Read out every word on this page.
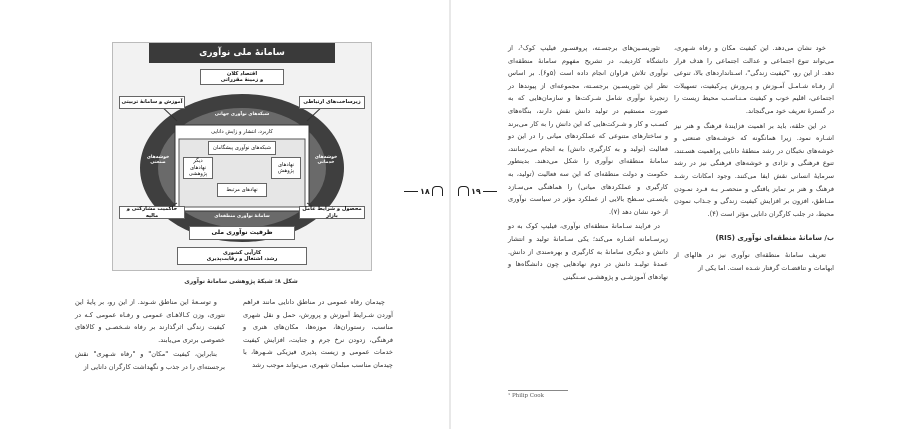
سامانهٔ ملی نوآوری
اقتصاد کلان
و زمینهٔ مقرراتی
آموزش و سامانهٔ تربیتی	زیرساخت‌های ارتباطی
حاکمیت مشارکتی و مالیه
محصول و شرایط عامل بازار
ظرفیت نوآوری ملی
کارآیی کشوری
رشد، اشتغال و رقابت‌پذیری
شبکه‌های نوآوری جهانی
سامانهٔ نوآوری منطقه‌ای
خوشه‌های صنعتی
خوشه‌های خدماتی
کاربرد، انتشار و زایش دانایی
شبکه‌های نوآوری پیشگامان
دیگر نهادهای پژوهشی
نهادهای پژوهش
نهادهای مرتبط
شکل ۸: شبکهٔ پژوهشی سامانهٔ نوآوری

چیدمان رفاه عمومی در مناطق دانایی مانند فراهم آوردن شـرایط آموزش و پرورش، حمل و نقل شهری مناسب، رستوران‌ها، موزه‌ها، مکان‌های هنری و فرهنگی، زدودن نرخ جرم و جنایت، افزایش کیفیت خدمات عمومی و زیست پذیری فیزیکی شـهرها، با چیدمان مناسب مبلمان شهری، می‌تواند موجب رشد

و توسـعهٔ این مناطق شـوند. از این رو، بر پایهٔ این نتوری، وزن کـالاهـای عمومی و رفـاه عمومی کـه در کیفیت زندگی اثرگذارند بر رفاه شـخصـی و کالاهای خصوصی برتری می‌یابند.

بنابراین، کیفیت "مکان" و "رفاه شـهری" نقش برجسته‌ای را در جذب و نگهداشت کارگران دانایی از

۱۸	۱۹

خود نشان می‌دهد. این کیفیت مکان و رفاه شـهری، می‌تواند تنوع اجتماعی و عدالت اجتماعی را هدف قرار دهد. از این رو، "کیفیت زندگی"، اسـتانداردهای بالا، تنوعی از رفـاه شـامـل آمـوزش و پـرورش پـرکیفیت، تسهیلات اجتماعی، اقلیم خوب و کیفیت مـنـاسـب محیط زیست را در گسترهٔ تعریف خود می‌گنجاند.

در این حلقه، باید بر اهمیت فزایندهٔ فرهنگ و هنر نیز اشـاره نمود. زیرا همانگونه که خوشـه‌های صنعتی و خوشه‌های نخبگان در رشد منطقهٔ دانایی پراهمیت هسـتند، تنوع فرهنگی و نژادی و خوشه‌های فرهنگی نیز در رشد سرمایهٔ انسانی نقش ایفا می‌کنند. وجود امکانات رشـد فرهنگ و هنر بر تمایز یافتگی و منحصـر بـه فـرد نمـودن منـاطق، افزون بر افزایش کیفیت زندگی و جـذاب نمودن محیط، در جلب کارگران دانایی مؤثر است (۴).

ب/ سامانهٔ منطقه‌ای نوآوری (RIS)

تعریف سامانهٔ منطقه‌ای نوآوری نیز در هالهای از ابهامات و تناقضـات گرفتار شـده است. اما یکی از

تئوریسـین‌های برجسـته، پروفسـور فیلیپ کوک¹، از دانشگاه کاردیف، در تشریح مفهوم سامانهٔ منطقه‌ای نوآوری تلاش فراوان انجام داده است (۵و۶). بر اساس نظر این تئوریسـین برجسـته، مجموعه‌ای از پیوندها در زنجیرهٔ نوآوری شامل شـرکت‌ها و سازمان‌هایی که به صورت مستقیم در تولید دانش نقش دارند، بنگاه‌های کسـب و کار و شـرکت‌هایی که این دانش را به کار می‌برند و ساختارهای متنوعی که عملکردهای میانی را در این دو فعالیت (تولید و به کارگیری دانش) به انجام می‌رسانند، سامانهٔ منطقه‌ای نوآوری را شکل می‌دهند. بدینطور حکومت و دولت منطقه‌ای که این سه فعالیت (تولید، به کارگیری و عملکردهای میانی) را هماهنگی می‌سـازد بایسـتی سـطح بالایی از عملکرد مؤثر در سیاست نوآوری از خود نشان دهد (۷).

در فرایند سـامانهٔ منطقه‌ای نوآوری، فیلیپ کوک به دو زیرسـامانه اشـاره می‌کند؛ یکی سـامانهٔ تولید و انتشار دانش و دیگری سامانهٔ به کارگیری و بهره‌مندی از دانش. عمدهٔ تولیـد دانش در دوم نهادهایی چون دانشگاه‌ها و نهادهای آموزشـی و پژوهشـی سـنگینی

¹ Philip Cook
